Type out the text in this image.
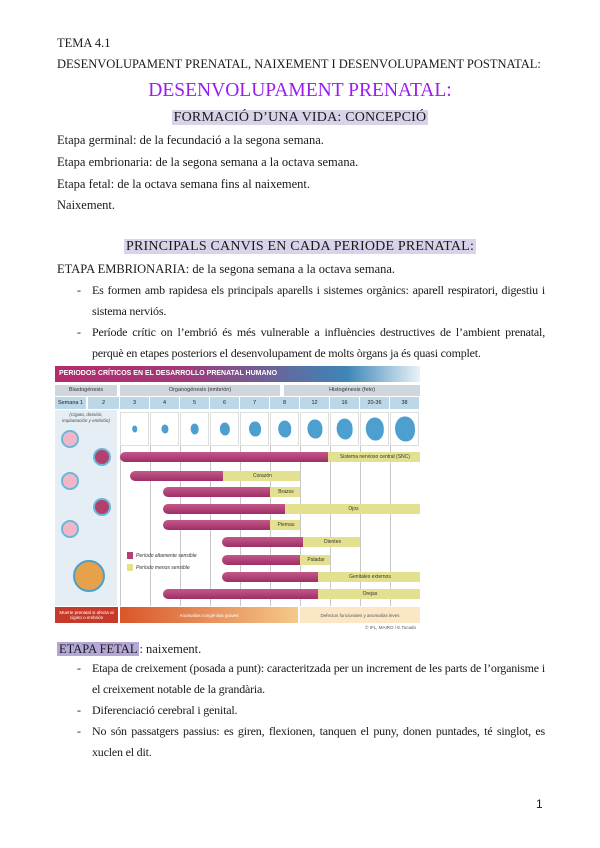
TEMA 4.1
DESENVOLUPAMENT PRENATAL, NAIXEMENT I DESENVOLUPAMENT POSTNATAL:
DESENVOLUPAMENT PRENATAL:
FORMACIÓ D’UNA VIDA: CONCEPCIÓ
Etapa germinal: de la fecundació a la segona semana.
Etapa embrionaria: de la segona semana a la octava semana.
Etapa fetal: de la octava semana fins al naixement.
Naixement.
PRINCIPALS CANVIS EN CADA PERIODE PRENATAL:
ETAPA EMBRIONARIA: de la segona semana a la octava semana.
- Es formen amb rapidesa els principals aparells i sistemes orgànics: aparell respiratori, digestiu i sistema nerviós.
- Període crític on l’embrió és més vulnerable a influències destructives de l’ambient prenatal, perquè en etapes posteriors el desenvolupament de molts òrgans ja és quasi complet.
PERIODOS CRÍTICOS EN EL DESARROLLO PRENATAL HUMANO
Blastogénesis	Organogénesis (embrión)	Histogénesis (feto)
Semana 1	2	3	4	5	6	7	8	12	16	20-36	38
(Cigoto, división, implantación y embrión)
Sistema nervioso central (SNC)
Corazón
Brazos
Ojos
Piernas
Dientes
Paladar
Genitales externos
Orejas
Período altamente sensible
Período menos sensible
Muerte prenatal si afecta al cigoto o embrión	Anomalías congénitas graves	Defectos funcionales y anomalías leves
© IFL, MAIRO / E.Tocado
ETAPA FETAL : naixement.
- Etapa de creixement (posada a punt): caracteritzada per un increment de les parts de l’organisme i el creixement notable de la grandària.
- Diferenciació cerebral i genital.
- No són passatgers passius: es giren, flexionen, tanquen el puny, donen puntades, té singlot, es xuclen el dit.
1
